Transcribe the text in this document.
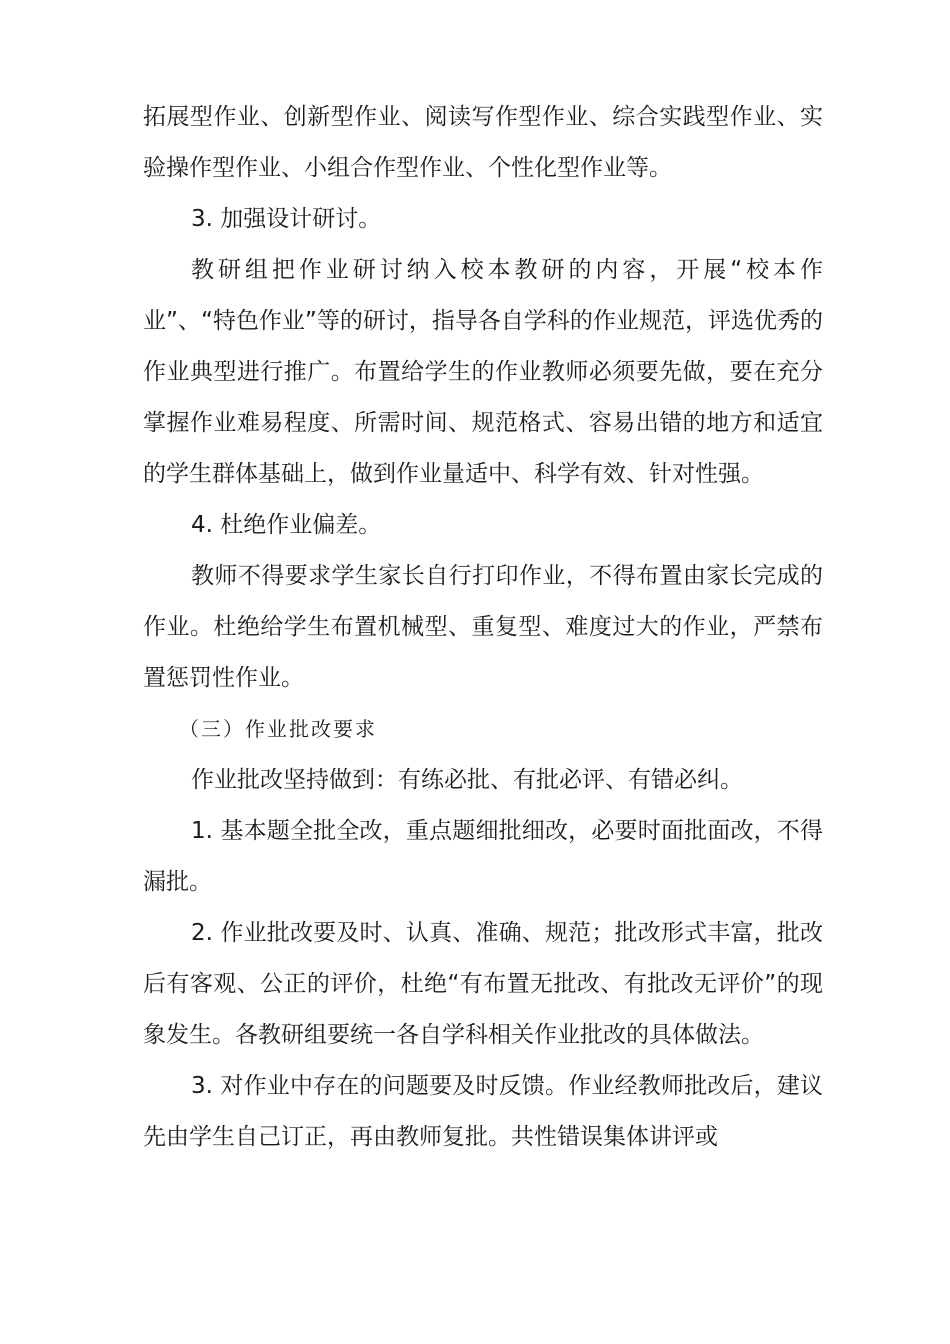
拓展型作业、创新型作业、阅读写作型作业、综合实践型作业、实验操作型作业、小组合作型作业、个性化型作业等。

3. 加强设计研讨。

教研组把作业研讨纳入校本教研的内容，开展“校本作业”、“特色作业”等的研讨，指导各自学科的作业规范，评选优秀的作业典型进行推广。布置给学生的作业教师必须要先做，要在充分掌握作业难易程度、所需时间、规范格式、容易出错的地方和适宜的学生群体基础上，做到作业量适中、科学有效、针对性强。

4. 杜绝作业偏差。

教师不得要求学生家长自行打印作业，不得布置由家长完成的作业。杜绝给学生布置机械型、重复型、难度过大的作业，严禁布置惩罚性作业。

（三）作业批改要求

作业批改坚持做到：有练必批、有批必评、有错必纠。

1. 基本题全批全改，重点题细批细改，必要时面批面改，不得漏批。

2. 作业批改要及时、认真、准确、规范；批改形式丰富，批改后有客观、公正的评价，杜绝“有布置无批改、有批改无评价”的现象发生。各教研组要统一各自学科相关作业批改的具体做法。

3. 对作业中存在的问题要及时反馈。作业经教师批改后，建议先由学生自己订正，再由教师复批。共性错误集体讲评或
